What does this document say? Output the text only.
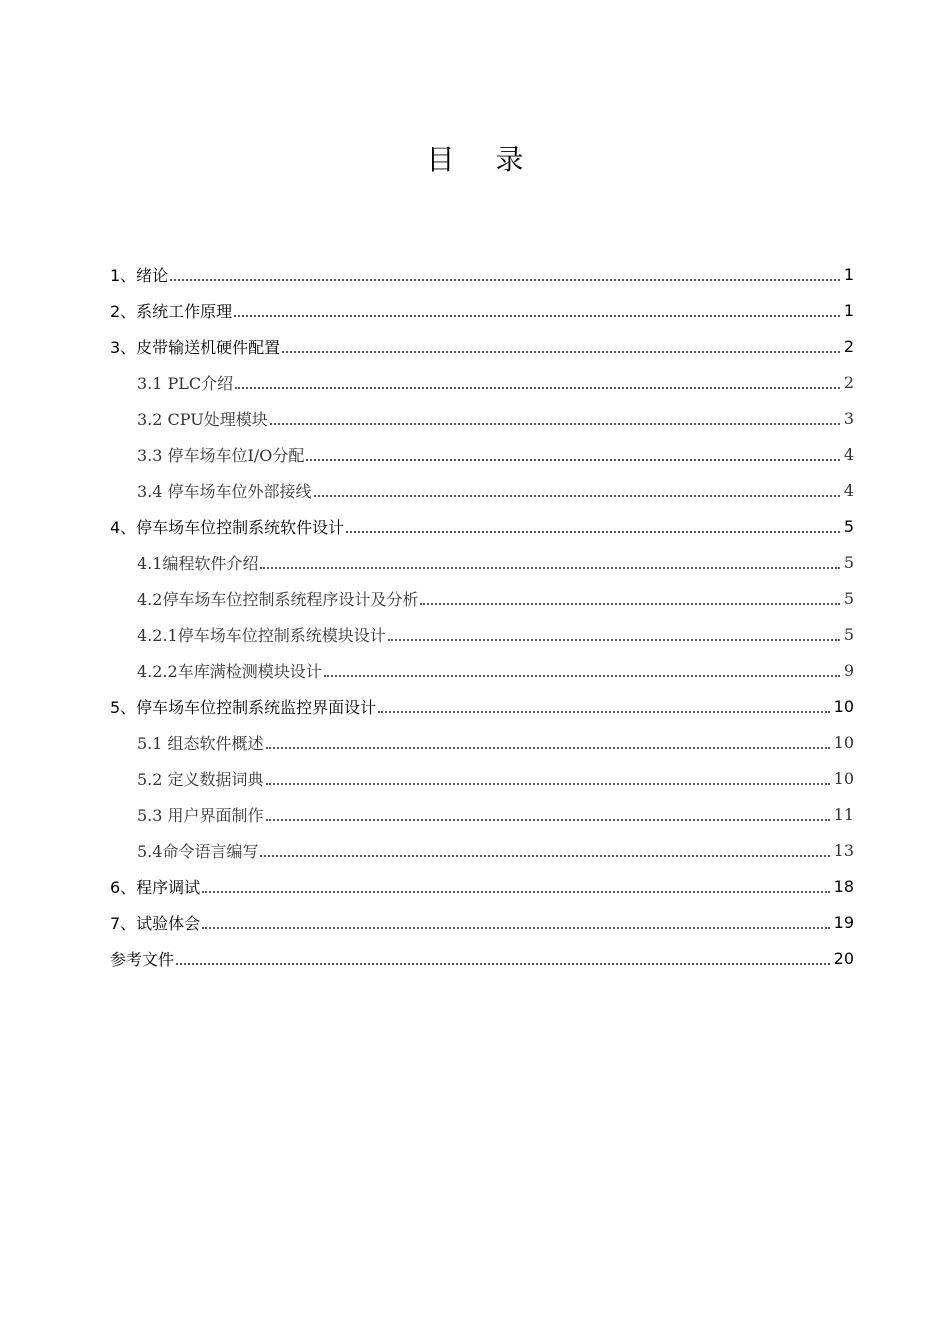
目 录
1、绪论	1
2、系统工作原理	1
3、皮带输送机硬件配置	2
3.1 PLC介绍	2
3.2 CPU处理模块	3
3.3 停车场车位I/O分配	4
3.4 停车场车位外部接线	4
4、停车场车位控制系统软件设计	5
4.1编程软件介绍	5
4.2停车场车位控制系统程序设计及分析	5
4.2.1停车场车位控制系统模块设计	5
4.2.2车库满检测模块设计	9
5、停车场车位控制系统监控界面设计	10
5.1 组态软件概述	10
5.2 定义数据词典	10
5.3 用户界面制作	11
5.4命令语言编写	13
6、程序调试	18
7、试验体会	19
参考文件	20
